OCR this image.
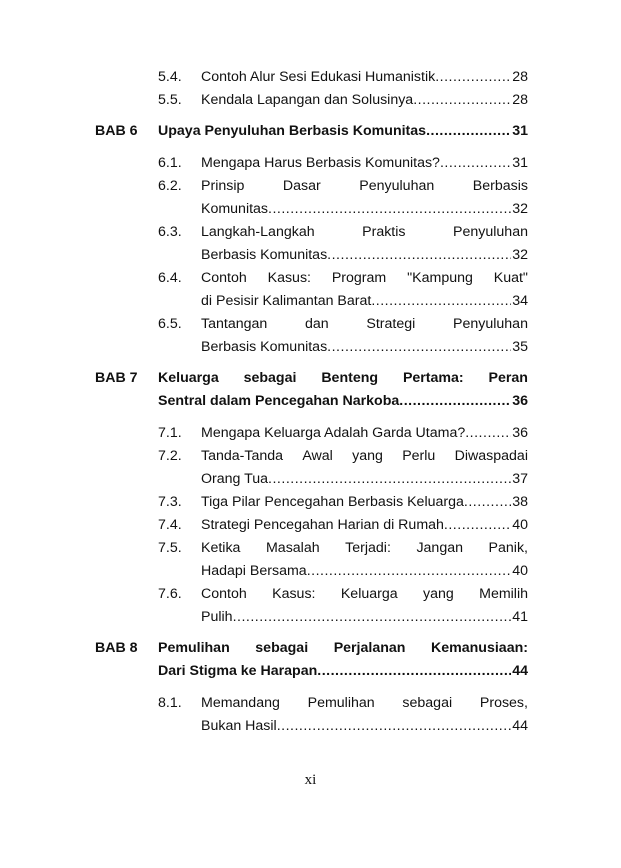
5.4. Contoh Alur Sesi Edukasi Humanistik .....	28
5.5. Kendala Lapangan dan Solusinya .....	28
BAB 6 Upaya Penyuluhan Berbasis Komunitas .....	31
6.1. Mengapa Harus Berbasis Komunitas? .....	31
6.2. Prinsip	Dasar	Penyuluhan	Berbasis
Komunitas .....	32
6.3. Langkah-Langkah	Praktis	Penyuluhan
Berbasis Komunitas .....	32
6.4. Contoh Kasus: Program "Kampung Kuat"
di Pesisir Kalimantan Barat .....	34
6.5. Tantangan	dan	Strategi	Penyuluhan
Berbasis Komunitas .....	35
BAB 7 Keluarga sebagai Benteng Pertama: Peran
Sentral dalam Pencegahan Narkoba .....	36
7.1. Mengapa Keluarga Adalah Garda Utama? .....	36
7.2. Tanda-Tanda Awal yang Perlu Diwaspadai
Orang Tua .....	37
7.3. Tiga Pilar Pencegahan Berbasis Keluarga .....	38
7.4. Strategi Pencegahan Harian di Rumah .....	40
7.5. Ketika Masalah Terjadi: Jangan Panik,
Hadapi Bersama .....	40
7.6. Contoh Kasus: Keluarga yang Memilih
Pulih .....	41
BAB 8 Pemulihan sebagai Perjalanan Kemanusiaan:
Dari Stigma ke Harapan .....	44
8.1. Memandang Pemulihan sebagai Proses,
Bukan Hasil .....	44
xi
